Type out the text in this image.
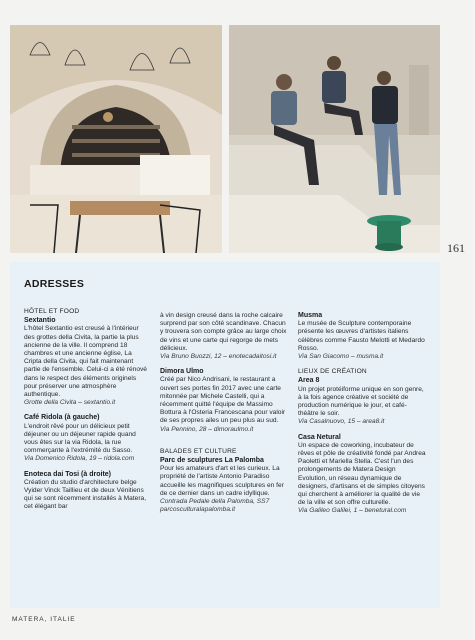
161
ADRESSES

HÔTEL ET FOOD

Sextantio

L'hôtel Sextantio est creusé à l'intérieur des grottes della Civita, la partie la plus ancienne de la ville. Il comprend 18 chambres et une ancienne église, La Cripta della Civita, qui fait maintenant partie de l'ensemble. Celui-ci a été rénové dans le respect des éléments originels pour préserver une atmosphère authentique.

Grotte della Civita – sextantio.it

Café Ridola (à gauche)

L'endroit rêvé pour un délicieux petit déjeuner ou un déjeuner rapide quand vous êtes sur la via Ridola, la rue commerçante à l'extrémité du Sasso.

Via Domenico Ridola, 19 – ridola.com

Enoteca dai Tosi (à droite)

Création du studio d'architecture belge Vyider Vinck Taillieu et de deux Vénitiens qui se sont récemment installés à Matera, cet élégant bar

à vin design creusé dans la roche calcaire surprend par son côté scandinave. Chacun y trouvera son compte grâce au large choix de vins et une carte qui regorge de mets délicieux.

Via Bruno Buozzi, 12 – enotecadaitosi.it

Dimora Ulmo

Créé par Nico Andrisani, le restaurant a ouvert ses portes fin 2017 avec une carte mitonnée par Michele Castelli, qui a récemment quitté l'équipe de Massimo Bottura à l'Osteria Francescana pour valoir de ses propres ailes un peu plus au sud.

Via Pennino, 28 – dimoraulmo.it

BALADES ET CULTURE

Parc de sculptures La Palomba

Pour les amateurs d'art et les curieux. La propriété de l'artiste Antonio Paradiso accueille les magnifiques sculptures en fer de ce dernier dans un cadre idyllique.

Contrada Pedale della Palomba, SS7 parcosculturalapalomba.it

Musma

Le musée de Sculpture contemporaine présente les œuvres d'artistes italiens célèbres comme Fausto Melotti et Medardo Rosso.

Via San Giacomo – musma.it

LIEUX DE CRÉATION

Area 8

Un projet protéiforme unique en son genre, à la fois agence créative et société de production numérique le jour, et café-théâtre le soir.

Via Casalnuovo, 15 – area8.it

Casa Netural

Un espace de coworking, incubateur de rêves et pôle de créativité fondé par Andrea Paoletti et Mariella Stella. C'est l'un des prolongements de Matera Design Evolution, un réseau dynamique de designers, d'artisans et de simples citoyens qui cherchent à améliorer la qualité de vie de la ville et son offre culturelle.

Via Galileo Galilei, 1 – benetural.com

MATERA, ITALIE
